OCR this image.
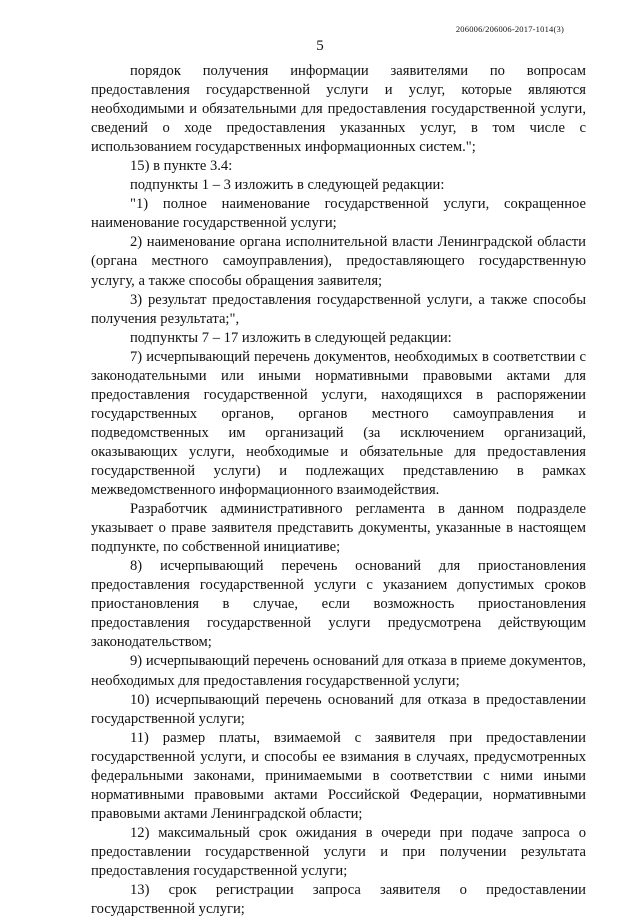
206006/206006-2017-1014(3)
5

порядок получения информации заявителями по вопросам предоставления государственной услуги и услуг, которые являются необходимыми и обязательными для предоставления государственной услуги, сведений о ходе предоставления указанных услуг, в том числе с использованием государственных информационных систем.";

15) в пункте 3.4:

подпункты 1 – 3 изложить в следующей редакции:

"1) полное наименование государственной услуги, сокращенное наименование государственной услуги;

2) наименование органа исполнительной власти Ленинградской области (органа местного самоуправления), предоставляющего государственную услугу, а также способы обращения заявителя;

3) результат предоставления государственной услуги, а также способы получения результата;",

подпункты 7 – 17 изложить в следующей редакции:

7) исчерпывающий перечень документов, необходимых в соответствии с законодательными или иными нормативными правовыми актами для предоставления государственной услуги, находящихся в распоряжении государственных органов, органов местного самоуправления и подведомственных им организаций (за исключением организаций, оказывающих услуги, необходимые и обязательные для предоставления государственной услуги) и подлежащих представлению в рамках межведомственного информационного взаимодействия.

Разработчик административного регламента в данном подразделе указывает о праве заявителя представить документы, указанные в настоящем подпункте, по собственной инициативе;

8) исчерпывающий перечень оснований для приостановления предоставления государственной услуги с указанием допустимых сроков приостановления в случае, если возможность приостановления предоставления государственной услуги предусмотрена действующим законодательством;

9) исчерпывающий перечень оснований для отказа в приеме документов, необходимых для предоставления государственной услуги;

10) исчерпывающий перечень оснований для отказа в предоставлении государственной услуги;

11) размер платы, взимаемой с заявителя при предоставлении государственной услуги, и способы ее взимания в случаях, предусмотренных федеральными законами, принимаемыми в соответствии с ними иными нормативными правовыми актами Российской Федерации, нормативными правовыми актами Ленинградской области;

12) максимальный срок ожидания в очереди при подаче запроса о предоставлении государственной услуги и при получении результата предоставления государственной услуги;

13) срок регистрации запроса заявителя о предоставлении государственной услуги;
